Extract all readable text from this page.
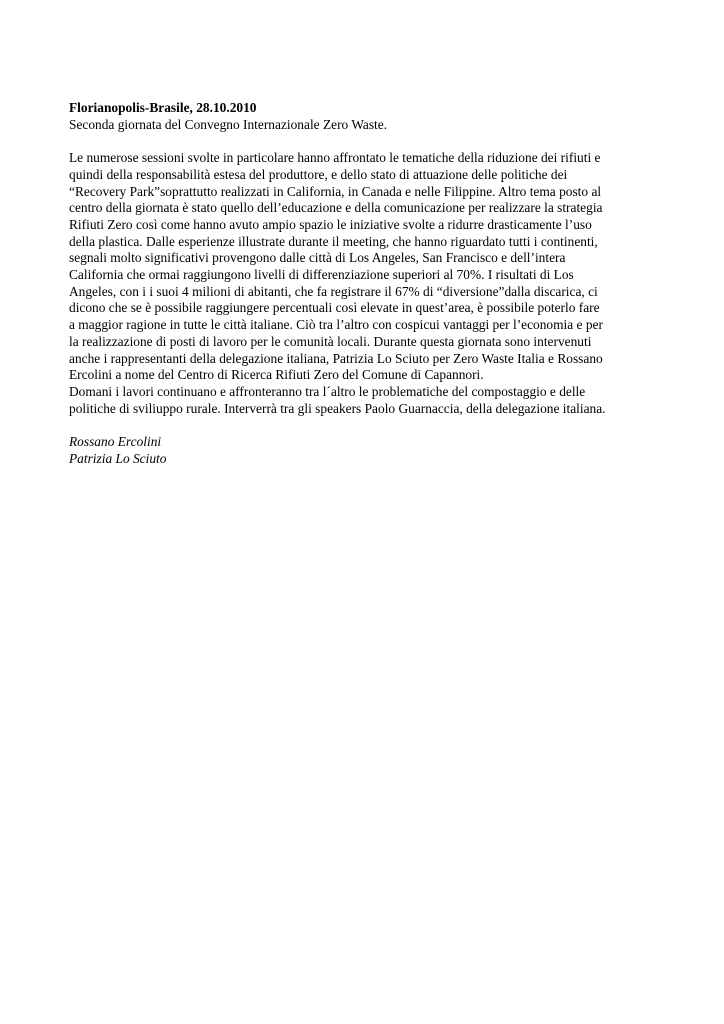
Florianopolis-Brasile, 28.10.2010
Seconda giornata del Convegno Internazionale Zero Waste.
Le numerose sessioni svolte in particolare hanno affrontato le tematiche della riduzione dei rifiuti e
quindi della responsabilità estesa del produttore, e dello stato di attuazione delle politiche dei
“Recovery Park”soprattutto realizzati in California, in Canada e nelle Filippine. Altro tema posto al
centro della giornata è stato quello dell’educazione e della comunicazione per realizzare la strategia
Rifiuti Zero così come hanno avuto ampio spazio le iniziative svolte a ridurre drasticamente l’uso
della plastica. Dalle esperienze illustrate durante il meeting, che hanno riguardato tutti i continenti,
segnali molto significativi provengono dalle città di Los Angeles, San Francisco e dell’intera
California che ormai raggiungono livelli di differenziazione superiori al 70%. I risultati di Los
Angeles, con i i suoi 4 milioni di abitanti, che fa registrare il 67% di “diversione”dalla discarica, ci
dicono che se è possibile raggiungere percentuali così elevate in quest’area, è possibile poterlo fare
a maggior ragione in tutte le città italiane. Ciò tra l’altro con cospicui vantaggi per l’economia e per
la realizzazione di posti di lavoro per le comunità locali. Durante questa giornata sono intervenuti
anche i rappresentanti della delegazione italiana, Patrizia Lo Sciuto per Zero Waste Italia e Rossano
Ercolini a nome del Centro di Ricerca Rifiuti Zero del Comune di Capannori.
Domani i lavori continuano e affronteranno tra l´altro le problematiche del compostaggio e delle
politiche di sviliuppo rurale. Interverrà tra gli speakers Paolo Guarnaccia, della delegazione italiana.
Rossano Ercolini
Patrizia Lo Sciuto
